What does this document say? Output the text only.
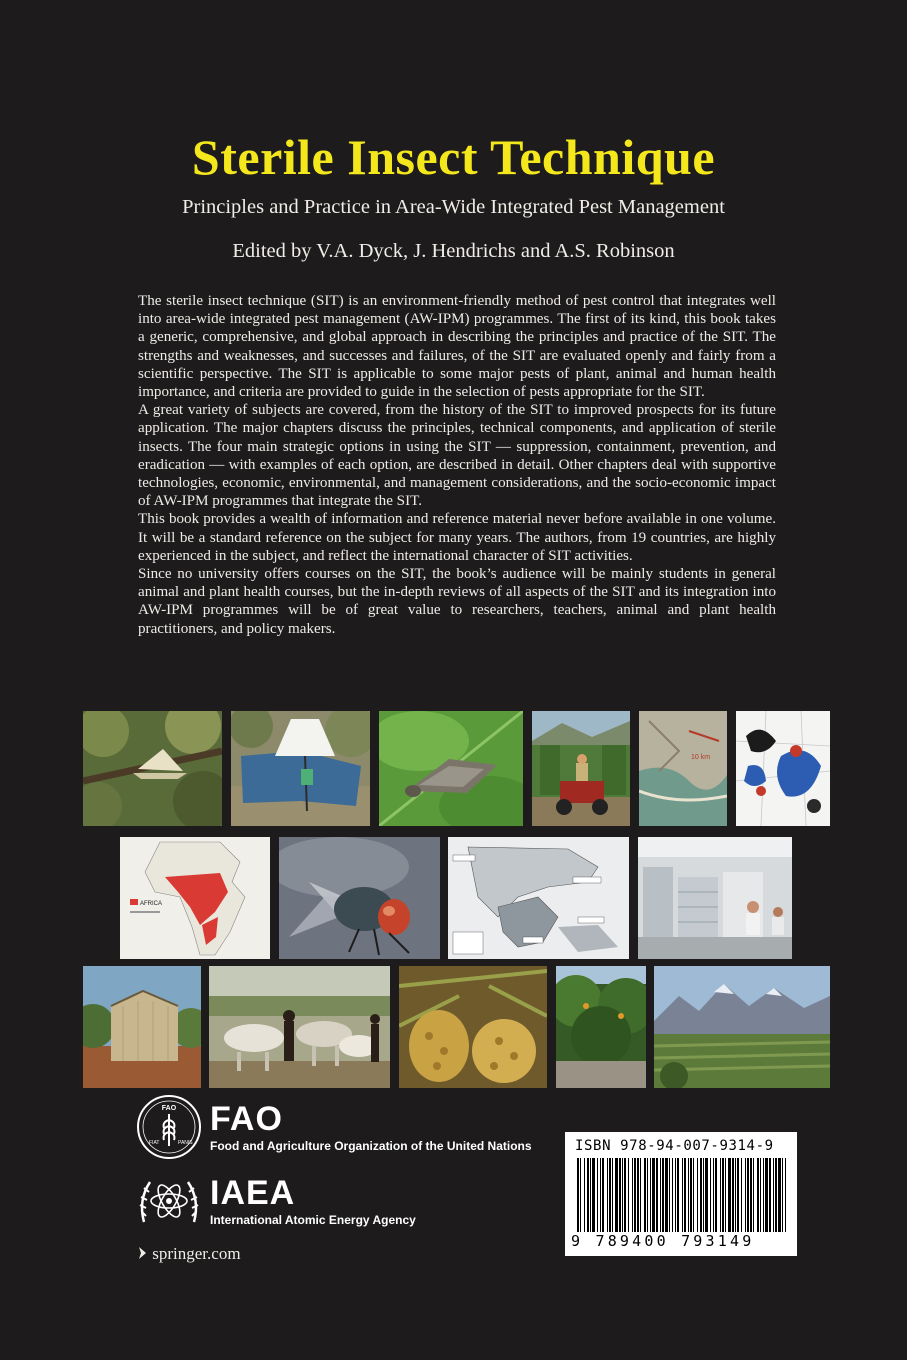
Sterile Insect Technique
Principles and Practice in Area-Wide Integrated Pest Management
Edited by V.A. Dyck, J. Hendrichs and A.S. Robinson

The sterile insect technique (SIT) is an environment-friendly method of pest control that integrates well into area-wide integrated pest management (AW-IPM) programmes. The first of its kind, this book takes a generic, comprehensive, and global approach in describing the principles and practice of the SIT. The strengths and weaknesses, and successes and failures, of the SIT are evaluated openly and fairly from a scientific perspective. The SIT is applicable to some major pests of plant, animal and human health importance, and criteria are provided to guide in the selection of pests appropriate for the SIT.

A great variety of subjects are covered, from the history of the SIT to improved prospects for its future application. The major chapters discuss the principles, technical components, and application of sterile insects. The four main strategic options in using the SIT — suppression, containment, prevention, and eradication — with examples of each option, are described in detail. Other chapters deal with supportive technologies, economic, environmental, and management considerations, and the socio-economic impact of AW-IPM programmes that integrate the SIT.

This book provides a wealth of information and reference material never before available in one volume. It will be a standard reference on the subject for many years. The authors, from 19 countries, are highly experienced in the subject, and reflect the international character of SIT activities.

Since no university offers courses on the SIT, the book’s audience will be mainly students in general animal and plant health courses, but the in-depth reviews of all aspects of the SIT and its integration into AW-IPM programmes will be of great value to researchers, teachers, animal and plant health practitioners, and policy makers.

10 km
AFRICA
FAO
FIAT	PANIS
FAO
Food and Agriculture Organization of the United Nations
IAEA
International Atomic Energy Agency
springer.com
ISBN 978-94-007-9314-9
9 789400 793149
